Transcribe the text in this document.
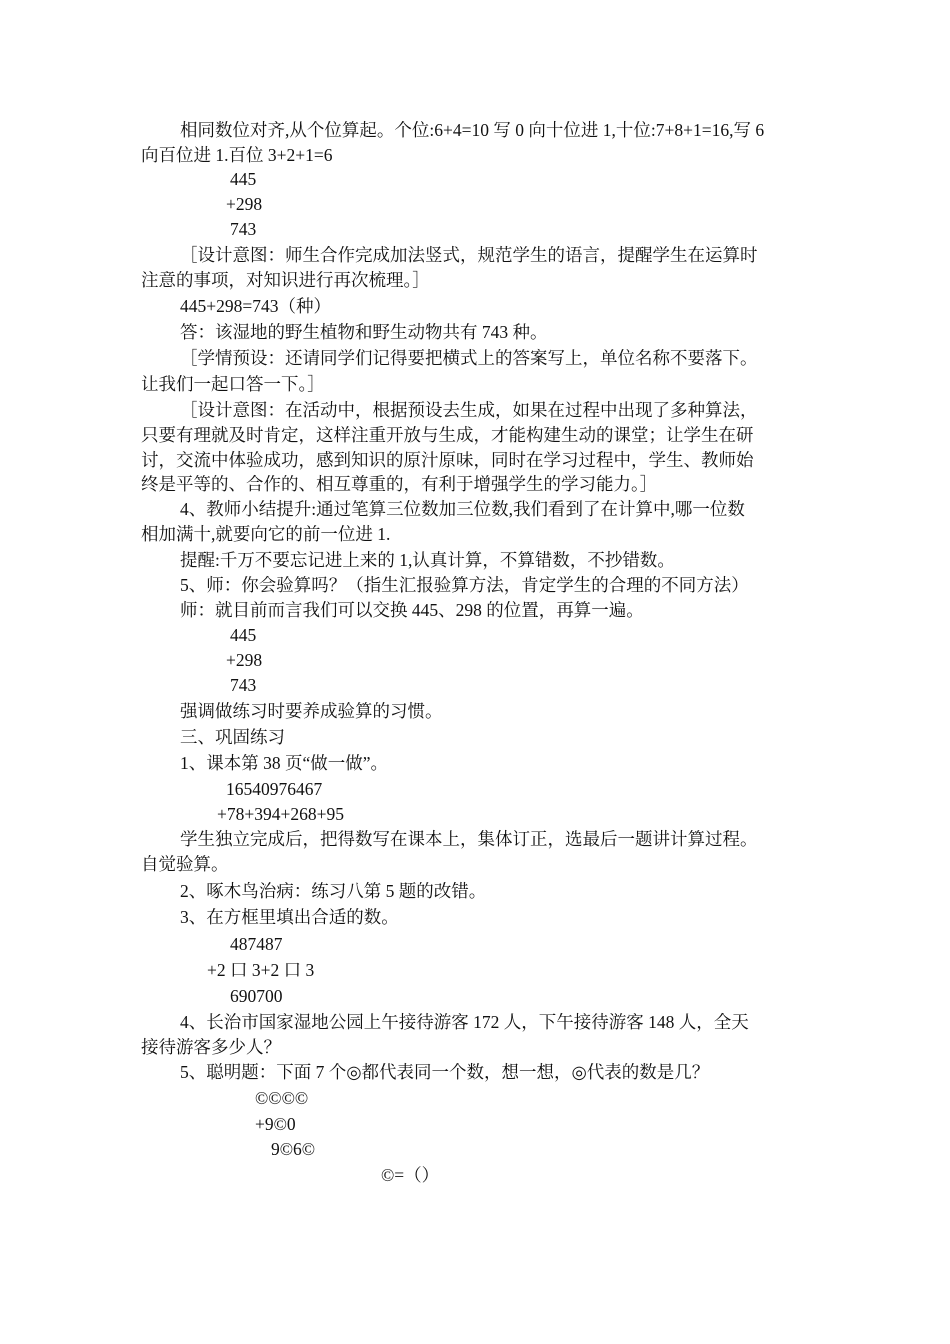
相同数位对齐,从个位算起。个位:6+4=10 写 0 向十位进 1,十位:7+8+1=16,写 6
向百位进 1.百位 3+2+1=6
445
+298
743
［设计意图：师生合作完成加法竖式，规范学生的语言，提醒学生在运算时
注意的事项，对知识进行再次梳理。］
445+298=743（种）
答：该湿地的野生植物和野生动物共有 743 种。
［学情预设：还请同学们记得要把横式上的答案写上，单位名称不要落下。
让我们一起口答一下。］
［设计意图：在活动中，根据预设去生成，如果在过程中出现了多种算法，
只要有理就及时肯定，这样注重开放与生成，才能构建生动的课堂；让学生在研
讨，交流中体验成功，感到知识的原汁原味，同时在学习过程中，学生、教师始
终是平等的、合作的、相互尊重的，有利于增强学生的学习能力。］
4、教师小结提升:通过笔算三位数加三位数,我们看到了在计算中,哪一位数
相加满十,就要向它的前一位进 1.
提醒:千万不要忘记进上来的 1,认真计算，不算错数，不抄错数。
5、师：你会验算吗？（指生汇报验算方法，肯定学生的合理的不同方法）
师：就目前而言我们可以交换 445、298 的位置，再算一遍。
445
+298
743
强调做练习时要养成验算的习惯。
三、巩固练习
1、课本第 38 页“做一做”。
16540976467
+78+394+268+95
学生独立完成后，把得数写在课本上，集体订正，选最后一题讲计算过程。
自觉验算。
2、啄木鸟治病：练习八第 5 题的改错。
3、在方框里填出合适的数。
487487
+2 口 3+2 口 3
690700
4、长治市国家湿地公园上午接待游客 172 人，下午接待游客 148 人，全天
接待游客多少人？
5、聪明题：下面 7 个◎都代表同一个数，想一想，◎代表的数是几？
©©©©
+9©0
9©6©
©=（）
